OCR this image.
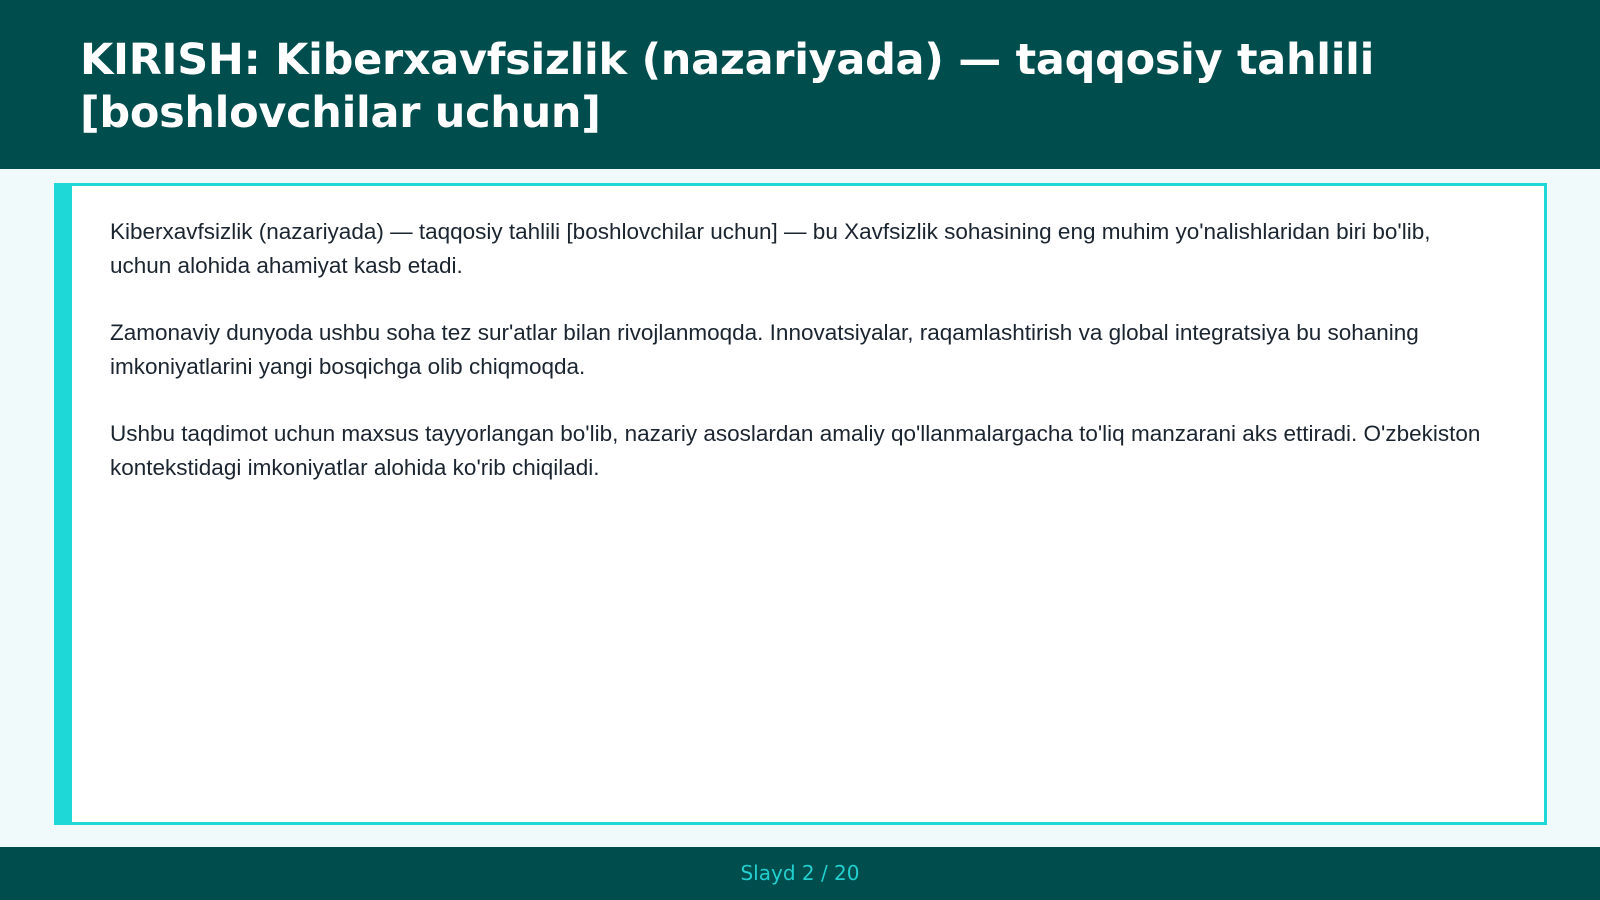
KIRISH: Kiberxavfsizlik (nazariyada) — taqqosiy tahlili [boshlovchilar uchun]

Kiberxavfsizlik (nazariyada) — taqqosiy tahlili [boshlovchilar uchun] — bu Xavfsizlik sohasining eng muhim yo'nalishlaridan biri bo'lib, uchun alohida ahamiyat kasb etadi.

Zamonaviy dunyoda ushbu soha tez sur'atlar bilan rivojlanmoqda. Innovatsiyalar, raqamlashtirish va global integratsiya bu sohaning imkoniyatlarini yangi bosqichga olib chiqmoqda.

Ushbu taqdimot uchun maxsus tayyorlangan bo'lib, nazariy asoslardan amaliy qo'llanmalargacha to'liq manzarani aks ettiradi. O'zbekiston kontekstidagi imkoniyatlar alohida ko'rib chiqiladi.

Slayd 2 / 20
